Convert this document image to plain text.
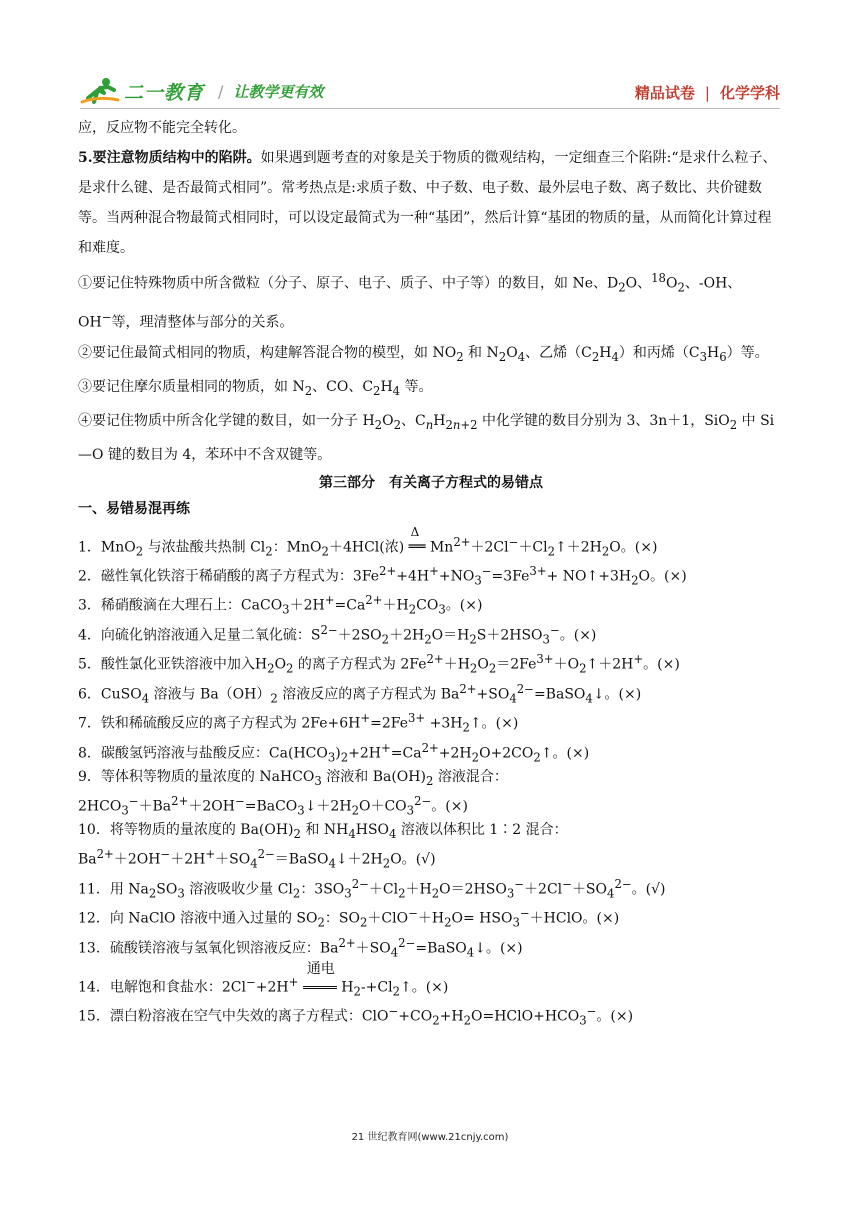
二一教育 / 让教学更有效	精品试卷 | 化学学科

应，反应物不能完全转化。

5.要注意物质结构中的陷阱。如果遇到题考查的对象是关于物质的微观结构，一定细查三个陷阱:“是求什么粒子、是求什么键、是否最简式相同”。常考热点是:求质子数、中子数、电子数、最外层电子数、离子数比、共价键数等。当两种混合物最简式相同时，可以设定最简式为一种“基团”，然后计算“基团的物质的量，从而简化计算过程和难度。

①要记住特殊物质中所含微粒（分子、原子、电子、质子、中子等）的数目，如 Ne、$D_2O$、$^{18}O_2$、-OH、OH−等，理清整体与部分的关系。

②要记住最简式相同的物质，构建解答混合物的模型，如 $NO_2$ 和 $N_2O_4$、乙烯$(C_2H_4)$和丙烯$(C_3H_6)$等。

③要记住摩尔质量相同的物质，如 $N_2$、CO、$C_2H_4$ 等。

④要记住物质中所含化学键的数目，如一分子 $H_2O_2$、$C_nH_{2n+2}$ 中化学键的数目分别为 3、3n＋1，SiO$_2$ 中 Si—O 键的数目为 4，苯环中不含双键等。

第三部分　有关离子方程式的易错点

一、易错易混再练

1．MnO$_2$ 与浓盐酸共热制 $Cl_2$：MnO$_2$＋4HCl(浓)
Δ
══ $Mn^{2+}+2Cl^-+Cl_2↑+2H_2O$。(×)

2．磁性氧化铁溶于稀硝酸的离子方程式为：$3Fe^{2+}+4H^++NO_3^-=3Fe^{3+}+$ $NO↑+3H_2O$。(×)

3．稀硝酸滴在大理石上：$CaCO_3+2H^+=Ca^{2+}+H_2CO_3$。(×)

4．向硫化钠溶液通入足量二氧化硫：$S^{2-}+2SO_2+2H_2O=H_2S+2HSO_3^-$。(×)

5．酸性氯化亚铁溶液中加入$H_2O_2$ 的离子方程式为 $2Fe^{2+}+H_2O_2=2Fe^{3+}+O_2↑+2H^+$。(×)

6．CuSO$_4$ 溶液与 $Ba(OH)_2$ 溶液反应的离子方程式为 $Ba^{2+}+SO_4^{2-}=BaSO_4↓$。(×)

7．铁和稀硫酸反应的离子方程式为 $2Fe+6H^+=2Fe^{3+}$ $+3H_2↑$。(×)

8．碳酸氢钙溶液与盐酸反应：$Ca(HCO_3)_2+2H^+=Ca^{2+}+2H_2O+2CO_2↑$。(×)

9．等体积等物质的量浓度的 NaHCO$_3$ 溶液和 $Ba(OH)_2$ 溶液混合：

$2HCO_3^-+Ba^{2+}+2OH^-=BaCO_3↓+2H_2O+CO_3^{2-}$。(×)

10．将等物质的量浓度的 $Ba(OH)_2$ 和 $NH_4HSO_4$ 溶液以体积比 1∶2 混合：

$Ba^{2+}+2OH^-+2H^++SO_4^{2-}=BaSO_4↓+2H_2O$。(√)

11．用 $Na_2SO_3$ 溶液吸收少量 $Cl_2$：$3SO_3^{2-}+Cl_2+H_2O=2HSO_3^-+2Cl^-+SO_4^{2-}$。(√)

12．向 NaClO 溶液中通入过量的 $SO_2$：$SO_2+ClO^-+H_2O=$ $HSO_3^-+HClO$。(×)

13．硫酸镁溶液与氢氧化钡溶液反应：$Ba^{2+}+SO_4^{2-}=BaSO_4↓$。(×)

14．电解饱和食盐水：2Cl−+2H+
通电
$H_2-+Cl_2↑$。(×)

15．漂白粉溶液在空气中失效的离子方程式：$ClO^-+CO_2+H_2O=HClO+HCO_3^-$。(×)

21 世纪教育网(www.21cnjy.com)
